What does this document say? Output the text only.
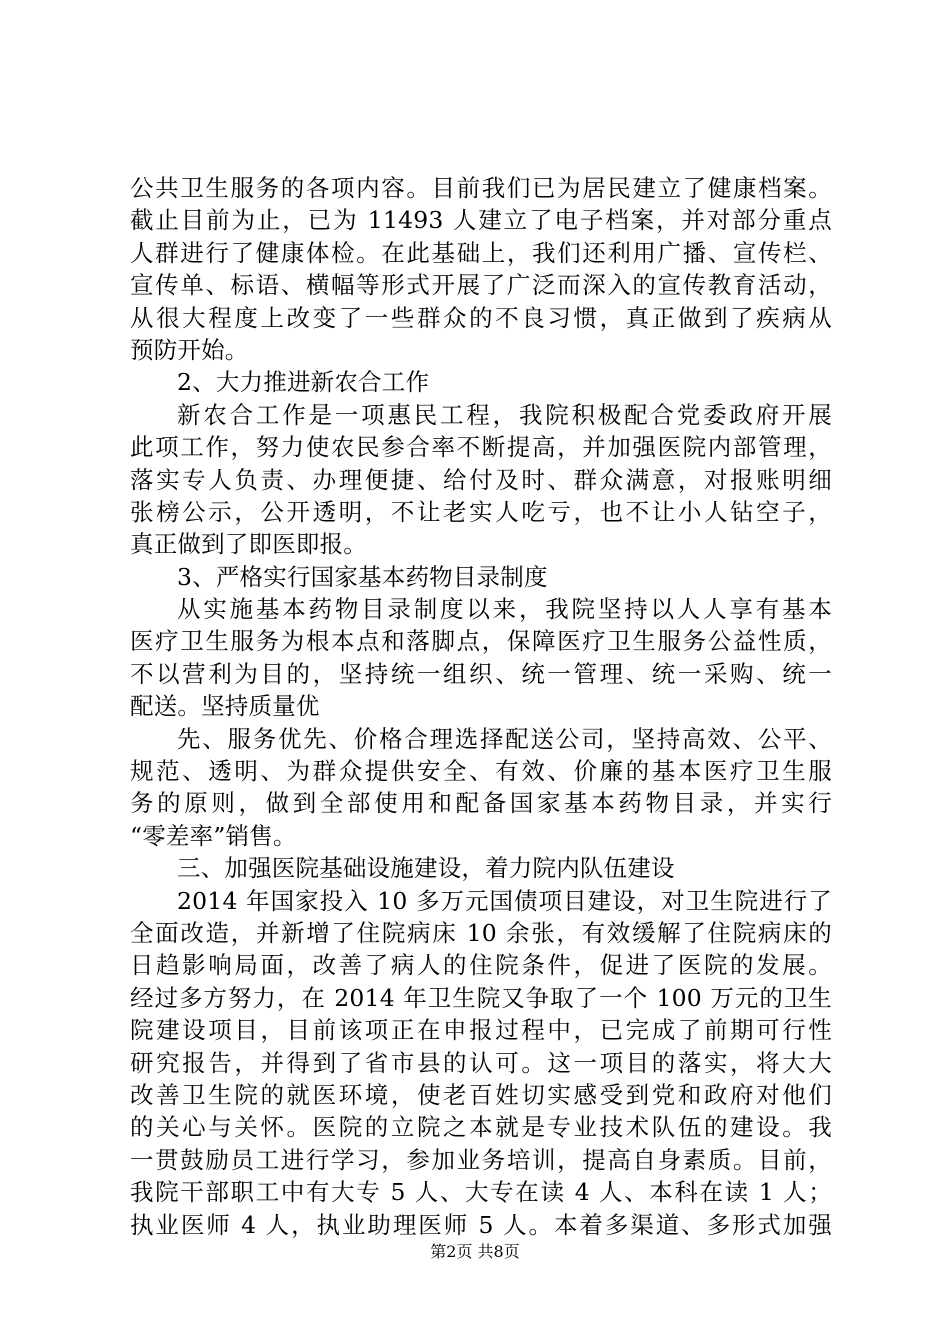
公共卫生服务的各项内容。目前我们已为居民建立了健康档案。
截止目前为止，已为 11493 人建立了电子档案，并对部分重点
人群进行了健康体检。在此基础上，我们还利用广播、宣传栏、
宣传单、标语、横幅等形式开展了广泛而深入的宣传教育活动，
从很大程度上改变了一些群众的不良习惯，真正做到了疾病从
预防开始。
2、大力推进新农合工作
新农合工作是一项惠民工程，我院积极配合党委政府开展
此项工作，努力使农民参合率不断提高，并加强医院内部管理，
落实专人负责、办理便捷、给付及时、群众满意，对报账明细
张榜公示，公开透明，不让老实人吃亏，也不让小人钻空子，
真正做到了即医即报。
3、严格实行国家基本药物目录制度
从实施基本药物目录制度以来，我院坚持以人人享有基本
医疗卫生服务为根本点和落脚点，保障医疗卫生服务公益性质，
不以营利为目的，坚持统一组织、统一管理、统一采购、统一
配送。坚持质量优
先、服务优先、价格合理选择配送公司，坚持高效、公平、
规范、透明、为群众提供安全、有效、价廉的基本医疗卫生服
务的原则，做到全部使用和配备国家基本药物目录，并实行
“零差率”销售。
三、加强医院基础设施建设，着力院内队伍建设
2014 年国家投入 10 多万元国债项目建设，对卫生院进行了
全面改造，并新增了住院病床 10 余张，有效缓解了住院病床的
日趋影响局面，改善了病人的住院条件，促进了医院的发展。
经过多方努力，在 2014 年卫生院又争取了一个 100 万元的卫生
院建设项目，目前该项正在申报过程中，已完成了前期可行性
研究报告，并得到了省市县的认可。这一项目的落实，将大大
改善卫生院的就医环境，使老百姓切实感受到党和政府对他们
的关心与关怀。医院的立院之本就是专业技术队伍的建设。我
一贯鼓励员工进行学习，参加业务培训，提高自身素质。目前，
我院干部职工中有大专 5 人、大专在读 4 人、本科在读 1 人；
执业医师 4 人，执业助理医师 5 人。本着多渠道、多形式加强
第2页 共8页
